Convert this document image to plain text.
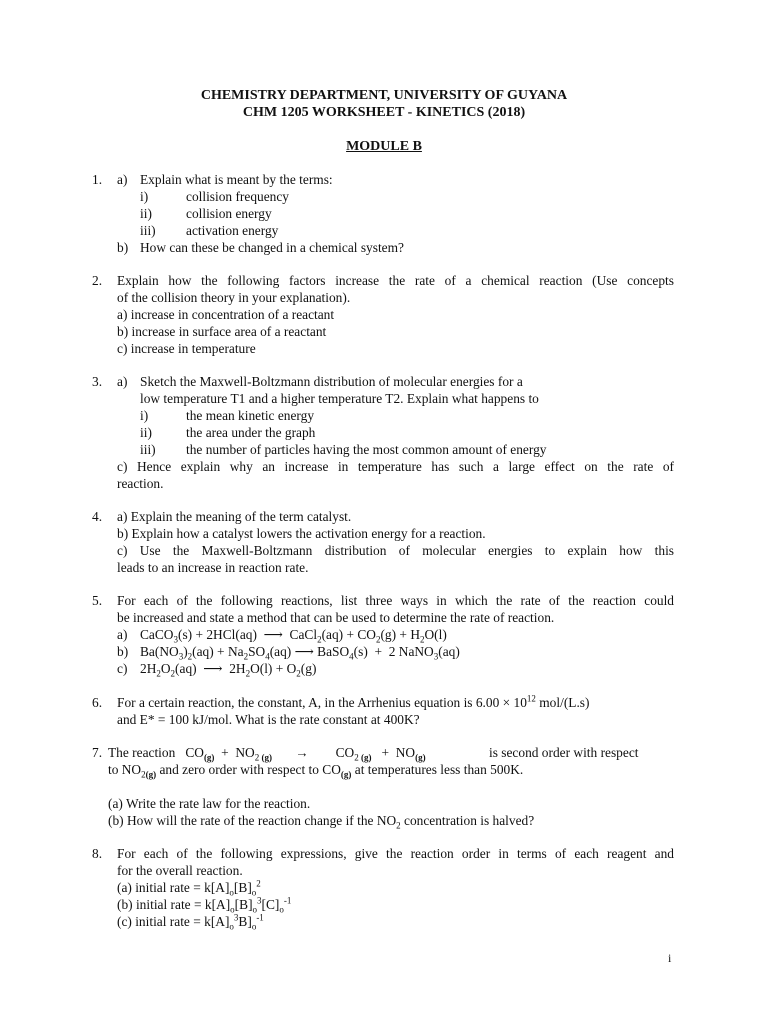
CHEMISTRY DEPARTMENT, UNIVERSITY OF GUYANA
CHM 1205 WORKSHEET - KINETICS (2018)
MODULE B
1. a) Explain what is meant by the terms:
i)	collision frequency
ii)	collision energy
iii) activation energy
b) How can these be changed in a chemical system?
2. Explain how the following factors increase the rate of a chemical reaction (Use concepts
of the collision theory in your explanation).
a) increase in concentration of a reactant
b) increase in surface area of a reactant
c) increase in temperature
3. a) Sketch the Maxwell-Boltzmann distribution of molecular energies for a
low temperature T1 and a higher temperature T2. Explain what happens to
i)	the mean kinetic energy
ii)	the area under the graph
iii) the number of particles having the most common amount of energy
c) Hence explain why an increase in temperature has such a large effect on the rate of
reaction.
4. a) Explain the meaning of the term catalyst.
b) Explain how a catalyst lowers the activation energy for a reaction.
c) Use the Maxwell-Boltzmann distribution of molecular energies to explain how this
leads to an increase in reaction rate.
5. For each of the following reactions, list three ways in which the rate of the reaction could
be increased and state a method that can be used to determine the rate of reaction.
a) CaCO$_3$(s) + 2HCl(aq)  ⟶  CaCl$_2$(aq) + $CO_2(g) + H_2O(l)$
b) $Ba(NO_3)_2(aq) + Na_2SO_4(aq)$ ⟶ BaSO$_4$(s)  +  2 NaNO$_3$(aq)
c) $2H_2O_2(aq)$  ⟶  $2H_2O(l) + O_2(g)$
6. For a certain reaction, the constant, A, in the Arrhenius equation is $6.00 \times 10^{12}$ mol/(L.s)
and E* = 100 kJ/mol. What is the rate constant at 400K?
7. The reaction   $CO_{(g)} + NO_{2 (g)}$       →        $CO_{2 (g)} + NO_{(g)}$	is second order with respect
to $NO_{2(g)}$ and zero order with respect to $CO_{(g)}$ at temperatures less than 500K.
(a) Write the rate law for the reaction.
(b) How will the rate of the reaction change if the $NO_2$ concentration is halved?
8. For each of the following expressions, give the reaction order in terms of each reagent and
for the overall reaction.
(a) initial rate = $k[A]_o[B]_o^2$
(b) initial rate = $k[A]_o[B]_o^3[C]_o^{-1}$
(c) initial rate = $k[A]_o^3B]_o^{-1}$
i
